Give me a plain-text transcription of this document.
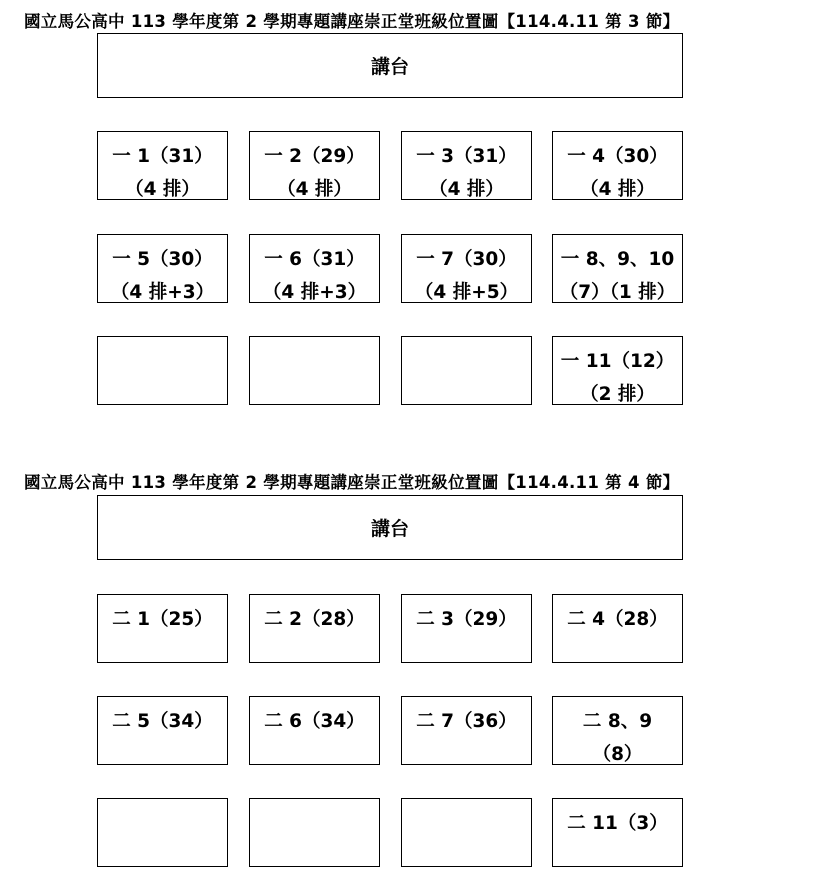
國立馬公高中 113 學年度第 2 學期專題講座崇正堂班級位置圖【114.4.11 第 3 節】
講台
一 1（31）
（4 排）
一 2（29）
（4 排）
一 3（31）
（4 排）
一 4（30）
（4 排）
一 5（30）
（4 排+3）
一 6（31）
（4 排+3）
一 7（30）
（4 排+5）
一 8、9、10
（7）（1 排）
一 11（12）
（2 排）
國立馬公高中 113 學年度第 2 學期專題講座崇正堂班級位置圖【114.4.11 第 4 節】
講台
二 1（25）	二 2（28）	二 3（29）	二 4（28）
二 5（34）	二 6（34）	二 7（36）	二 8、9
（8）
二 11（3）
